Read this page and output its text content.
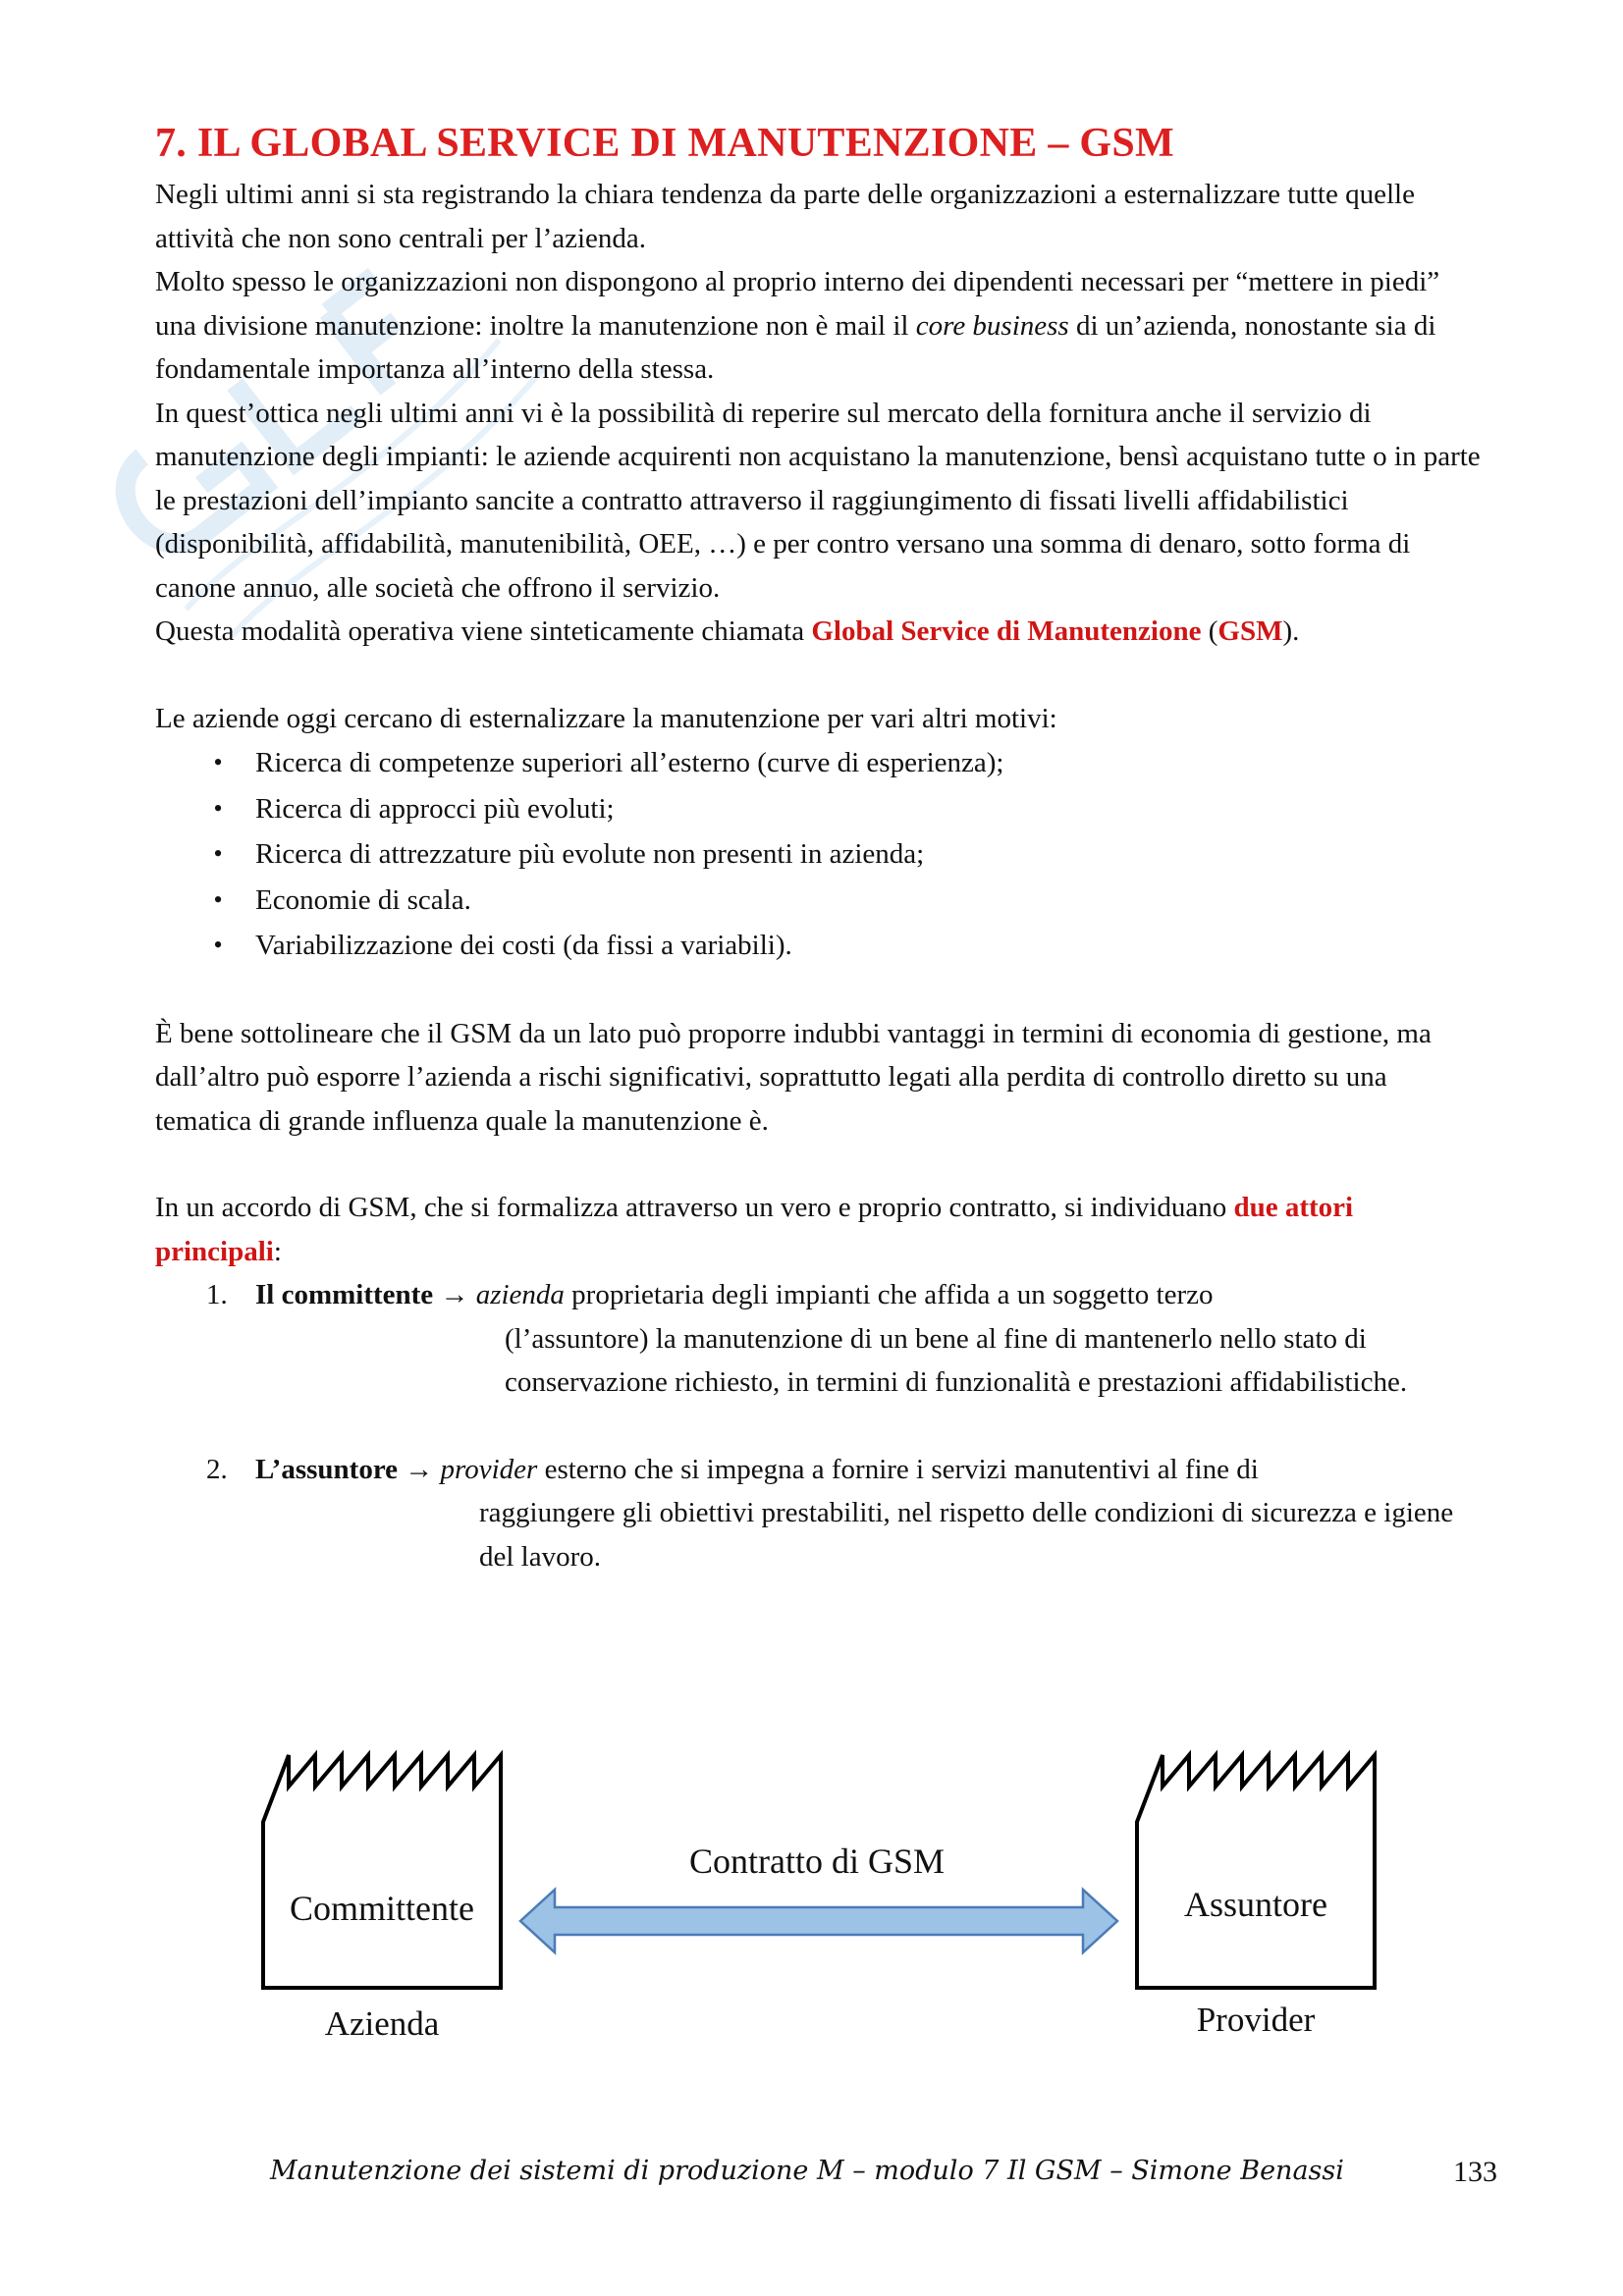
7. IL GLOBAL SERVICE DI MANUTENZIONE – GSM

Negli ultimi anni si sta registrando la chiara tendenza da parte delle organizzazioni a esternalizzare tutte quelle attività che non sono centrali per l’azienda.

Molto spesso le organizzazioni non dispongono al proprio interno dei dipendenti necessari per “mettere in piedi” una divisione manutenzione: inoltre la manutenzione non è mail il core business di un’azienda, nonostante sia di fondamentale importanza all’interno della stessa.

In quest’ottica negli ultimi anni vi è la possibilità di reperire sul mercato della fornitura anche il servizio di manutenzione degli impianti: le aziende acquirenti non acquistano la manutenzione, bensì acquistano tutte o in parte le prestazioni dell’impianto sancite a contratto attraverso il raggiungimento di fissati livelli affidabilistici (disponibilità, affidabilità, manutenibilità, OEE, …) e per contro versano una somma di denaro, sotto forma di canone annuo, alle società che offrono il servizio.

Questa modalità operativa viene sinteticamente chiamata Global Service di Manutenzione (GSM).

Le aziende oggi cercano di esternalizzare la manutenzione per vari altri motivi:

• Ricerca di competenze superiori all’esterno (curve di esperienza);
• Ricerca di approcci più evoluti;
• Ricerca di attrezzature più evolute non presenti in azienda;
• Economie di scala.
• Variabilizzazione dei costi (da fissi a variabili).

È bene sottolineare che il GSM da un lato può proporre indubbi vantaggi in termini di economia di gestione, ma dall’altro può esporre l’azienda a rischi significativi, soprattutto legati alla perdita di controllo diretto su una tematica di grande influenza quale la manutenzione è.

In un accordo di GSM, che si formalizza attraverso un vero e proprio contratto, si individuano due attori principali:

1. Il committente → azienda proprietaria degli impianti che affida a un soggetto terzo
(l’assuntore) la manutenzione di un bene al fine di mantenerlo nello stato di conservazione richiesto, in termini di funzionalità e prestazioni affidabilistiche.
2. L’assuntore → provider esterno che si impegna a fornire i servizi manutentivi al fine di
raggiungere gli obiettivi prestabiliti, nel rispetto delle condizioni di sicurezza e igiene del lavoro.
Committente
Azienda
Assuntore
Provider
Contratto di GSM
Manutenzione dei sistemi di produzione M – modulo 7 Il GSM – Simone Benassi	133
